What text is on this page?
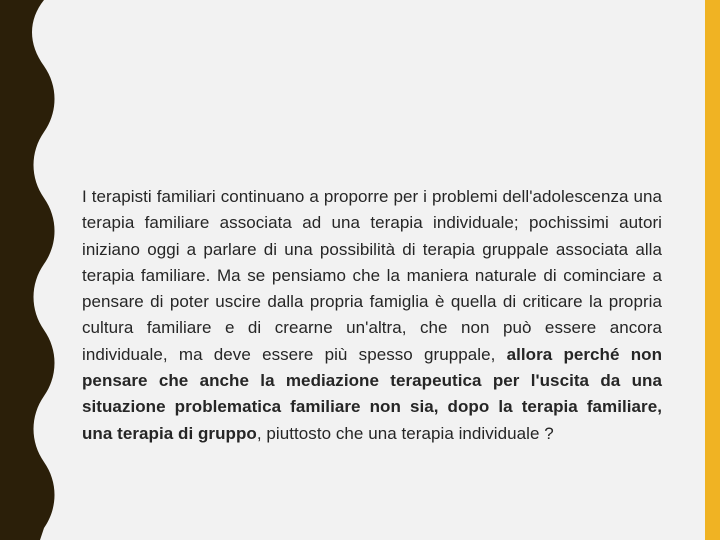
I terapisti familiari continuano a proporre per i problemi dell'adolescenza una terapia familiare associata ad una terapia individuale; pochissimi autori iniziano oggi a parlare di una possibilità di terapia gruppale associata alla terapia familiare. Ma se pensiamo che la maniera naturale di cominciare a pensare di poter uscire dalla propria famiglia è quella di criticare la propria cultura familiare e di crearne un'altra, che non può essere ancora individuale, ma deve essere più spesso gruppale, allora perché non pensare che anche la mediazione terapeutica per l'uscita da una situazione problematica familiare non sia, dopo la terapia familiare, una terapia di gruppo, piuttosto che una terapia individuale ?
